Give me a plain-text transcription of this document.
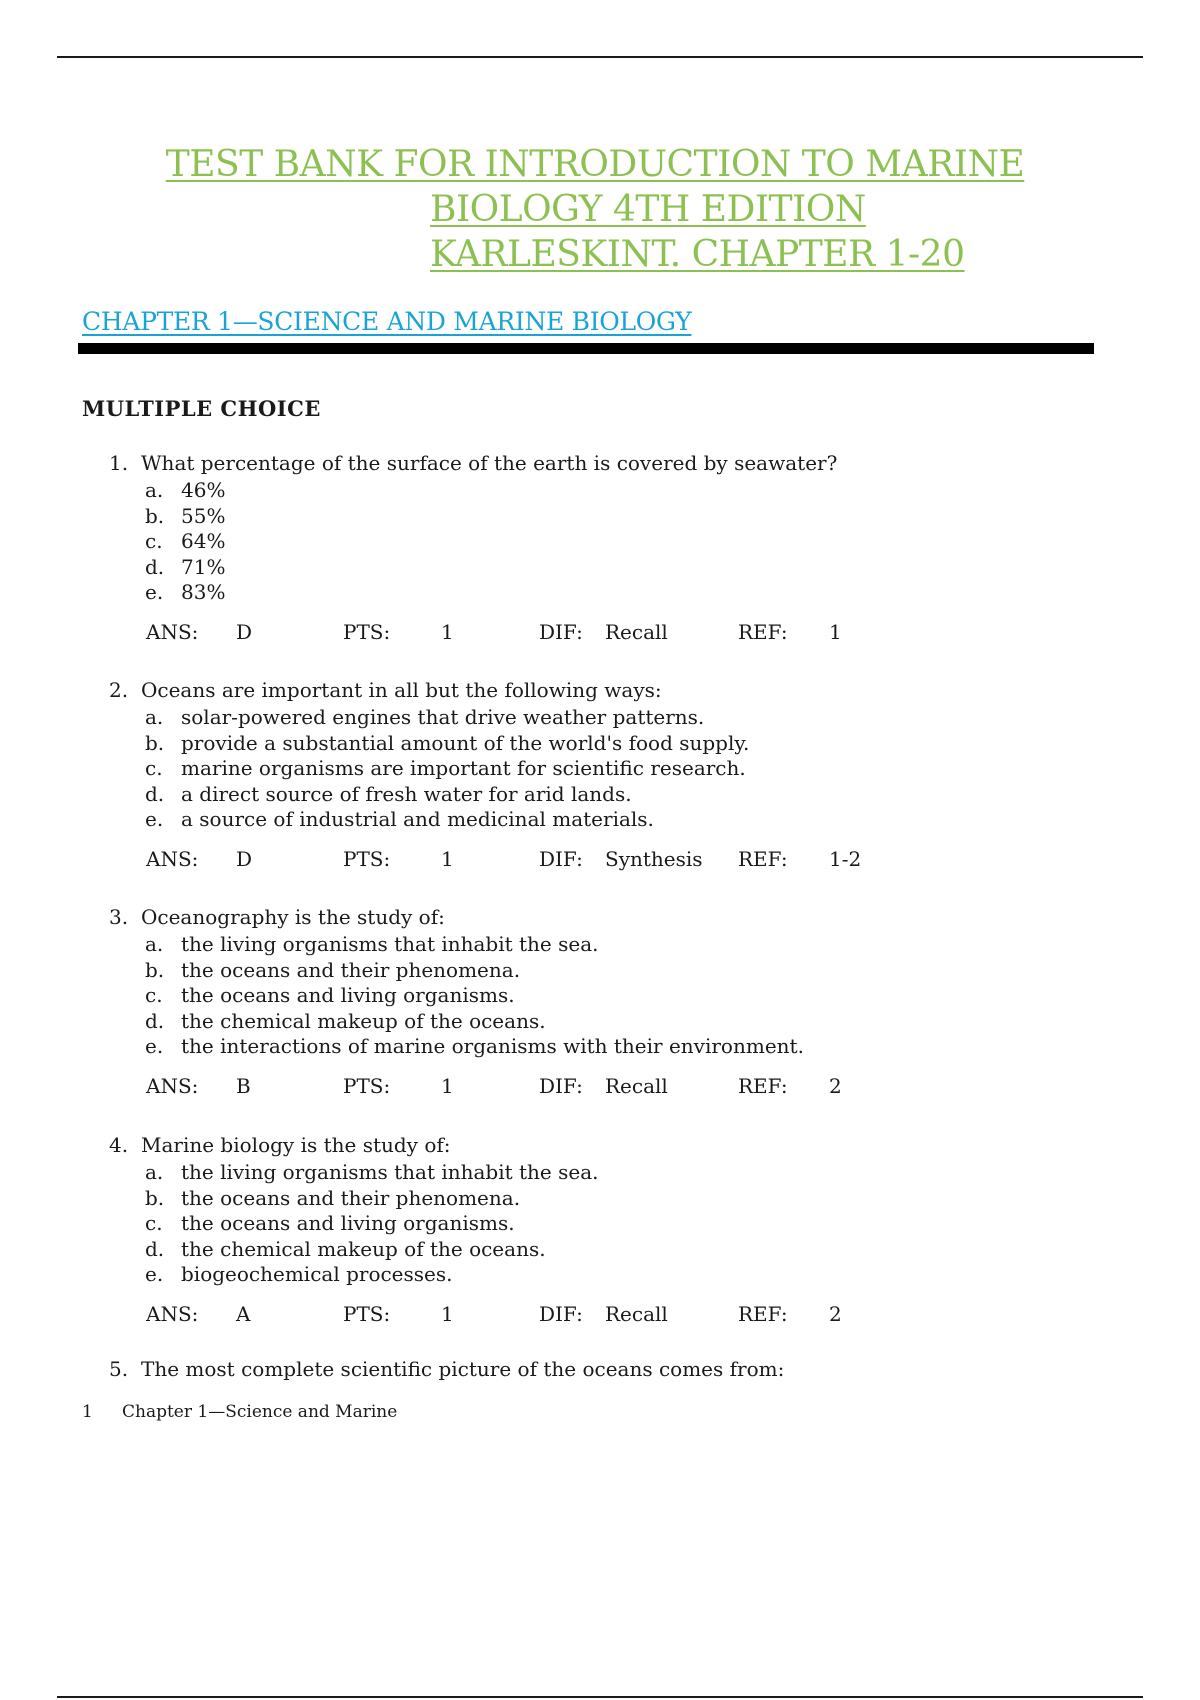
TEST BANK FOR INTRODUCTION TO MARINE
BIOLOGY 4TH EDITION
KARLESKINT. CHAPTER 1-20
CHAPTER 1—SCIENCE AND MARINE BIOLOGY
MULTIPLE CHOICE
1. What percentage of the surface of the earth is covered by seawater?
a. 46%
b. 55%
c. 64%
d. 71%
e. 83%
ANS: D	PTS:	1	DIF: Recall	REF: 1
2. Oceans are important in all but the following ways:
a. solar-powered engines that drive weather patterns.
b. provide a substantial amount of the world's food supply.
c. marine organisms are important for scientific research.
d. a direct source of fresh water for arid lands.
e. a source of industrial and medicinal materials.
ANS: D	PTS:	1	DIF: Synthesis REF: 1-2
3. Oceanography is the study of:
a. the living organisms that inhabit the sea.
b. the oceans and their phenomena.
c. the oceans and living organisms.
d. the chemical makeup of the oceans.
e. the interactions of marine organisms with their environment.
ANS: B	PTS:	1	DIF: Recall	REF: 2
4. Marine biology is the study of:
a. the living organisms that inhabit the sea.
b. the oceans and their phenomena.
c. the oceans and living organisms.
d. the chemical makeup of the oceans.
e. biogeochemical processes.
ANS: A	PTS:	1	DIF: Recall	REF: 2
5. The most complete scientific picture of the oceans comes from:
1 Chapter 1—Science and Marine
